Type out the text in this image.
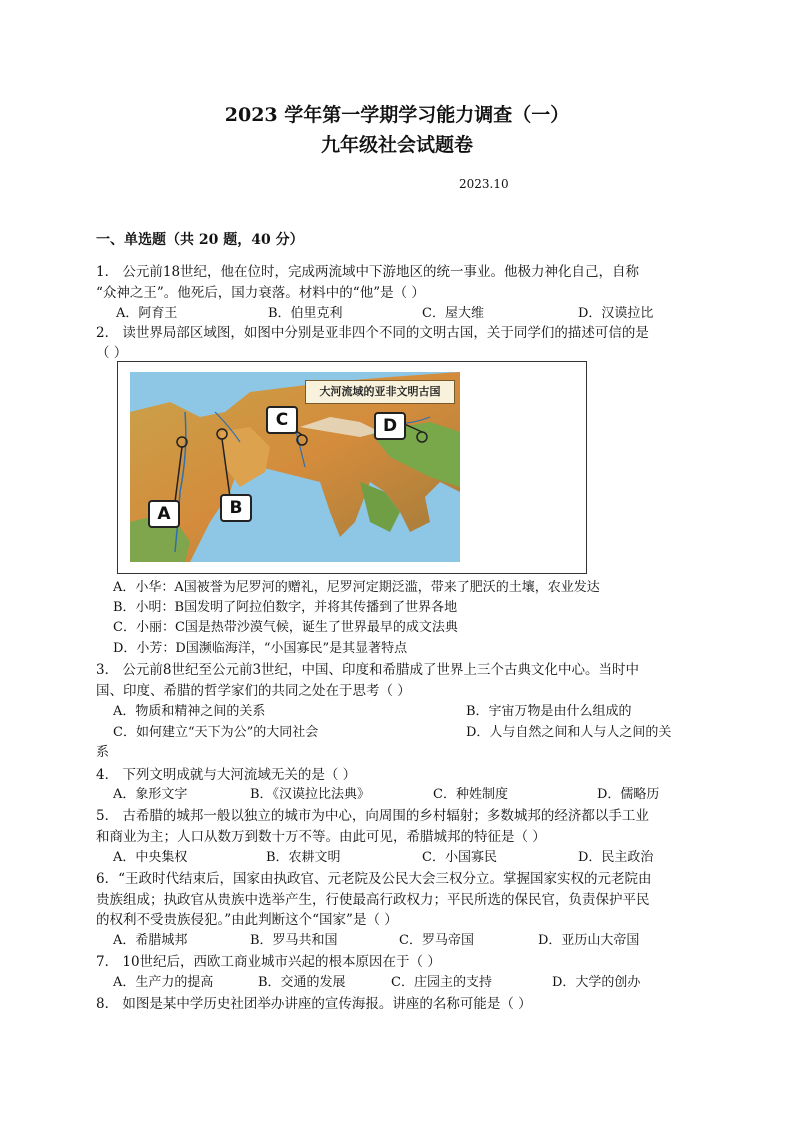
2023 学年第一学期学习能力调查（一）
九年级社会试题卷
2023.10
一、单选题（共 20 题，40 分）
1． 公元前18世纪，他在位时，完成两流域中下游地区的统一事业。他极力神化自己，自称
“众神之王”。他死后，国力衰落。材料中的“他”是（ ）
A．阿育王	B．伯里克利	C．屋大维	D．汉谟拉比
2． 读世界局部区域图，如图中分别是亚非四个不同的文明古国，关于同学们的描述可信的是
（ ）
大河流域的亚非文明古国
A	B
C	D
A．小华：A国被誉为尼罗河的赠礼，尼罗河定期泛滥，带来了肥沃的土壤，农业发达
B．小明：B国发明了阿拉伯数字，并将其传播到了世界各地
C．小丽：C国是热带沙漠气候，诞生了世界最早的成文法典
D．小芳：D国濒临海洋，“小国寡民”是其显著特点
3． 公元前8世纪至公元前3世纪，中国、印度和希腊成了世界上三个古典文化中心。当时中
国、印度、希腊的哲学家们的共同之处在于思考（ ）
A．物质和精神之间的关系	B．宇宙万物是由什么组成的
C．如何建立“天下为公”的大同社会	D．人与自然之间和人与人之间的关
系
4． 下列文明成就与大河流域无关的是（ ）
A．象形文字	B．《汉谟拉比法典》	C．种姓制度	D．儒略历
5． 古希腊的城邦一般以独立的城市为中心，向周围的乡村辐射；多数城邦的经济都以手工业
和商业为主；人口从数万到数十万不等。由此可见，希腊城邦的特征是（ ）
A．中央集权	B．农耕文明	C．小国寡民	D．民主政治
6．“王政时代结束后，国家由执政官、元老院及公民大会三权分立。掌握国家实权的元老院由
贵族组成；执政官从贵族中选举产生，行使最高行政权力；平民所选的保民官，负责保护平民
的权利不受贵族侵犯。”由此判断这个“国家”是（ ）
A．希腊城邦	B．罗马共和国	C．罗马帝国	D．亚历山大帝国
7． 10世纪后，西欧工商业城市兴起的根本原因在于（ ）
A．生产力的提高	B．交通的发展	C．庄园主的支持	D．大学的创办
8． 如图是某中学历史社团举办讲座的宣传海报。讲座的名称可能是（ ）
